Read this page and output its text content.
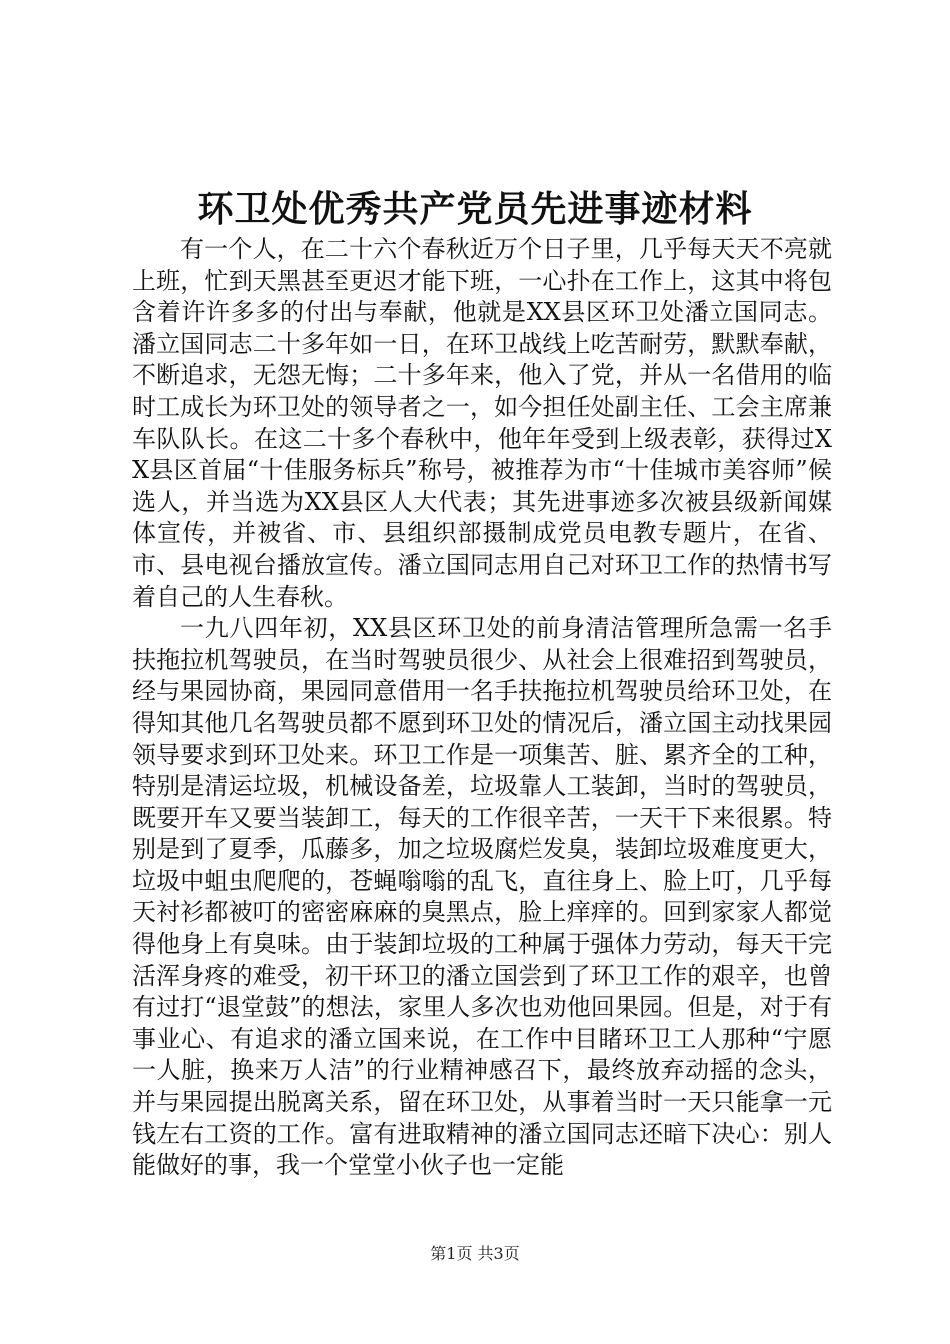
环卫处优秀共产党员先进事迹材料

有一个人，在二十六个春秋近万个日子里，几乎每天天不亮就上班，忙到天黑甚至更迟才能下班，一心扑在工作上，这其中将包含着许许多多的付出与奉献，他就是XX县区环卫处潘立国同志。潘立国同志二十多年如一日，在环卫战线上吃苦耐劳，默默奉献，不断追求，无怨无悔；二十多年来，他入了党，并从一名借用的临时工成长为环卫处的领导者之一，如今担任处副主任、工会主席兼车队队长。在这二十多个春秋中，他年年受到上级表彰，获得过XX县区首届“十佳服务标兵”称号，被推荐为市“十佳城市美容师”候选人，并当选为XX县区人大代表；其先进事迹多次被县级新闻媒体宣传，并被省、市、县组织部摄制成党员电教专题片，在省、市、县电视台播放宣传。潘立国同志用自己对环卫工作的热情书写着自己的人生春秋。

一九八四年初，XX县区环卫处的前身清洁管理所急需一名手扶拖拉机驾驶员，在当时驾驶员很少、从社会上很难招到驾驶员，经与果园协商，果园同意借用一名手扶拖拉机驾驶员给环卫处，在得知其他几名驾驶员都不愿到环卫处的情况后，潘立国主动找果园领导要求到环卫处来。环卫工作是一项集苦、脏、累齐全的工种，特别是清运垃圾，机械设备差，垃圾靠人工装卸，当时的驾驶员，既要开车又要当装卸工，每天的工作很辛苦，一天干下来很累。特别是到了夏季，瓜藤多，加之垃圾腐烂发臭，装卸垃圾难度更大，垃圾中蛆虫爬爬的，苍蝇嗡嗡的乱飞，直往身上、脸上叮，几乎每天衬衫都被叮的密密麻麻的臭黑点，脸上痒痒的。回到家家人都觉得他身上有臭味。由于装卸垃圾的工种属于强体力劳动，每天干完活浑身疼的难受，初干环卫的潘立国尝到了环卫工作的艰辛，也曾有过打“退堂鼓”的想法，家里人多次也劝他回果园。但是，对于有事业心、有追求的潘立国来说，在工作中目睹环卫工人那种“宁愿一人脏，换来万人洁”的行业精神感召下，最终放弃动摇的念头，并与果园提出脱离关系，留在环卫处，从事着当时一天只能拿一元钱左右工资的工作。富有进取精神的潘立国同志还暗下决心：别人能做好的事，我一个堂堂小伙子也一定能

第1页 共3页
